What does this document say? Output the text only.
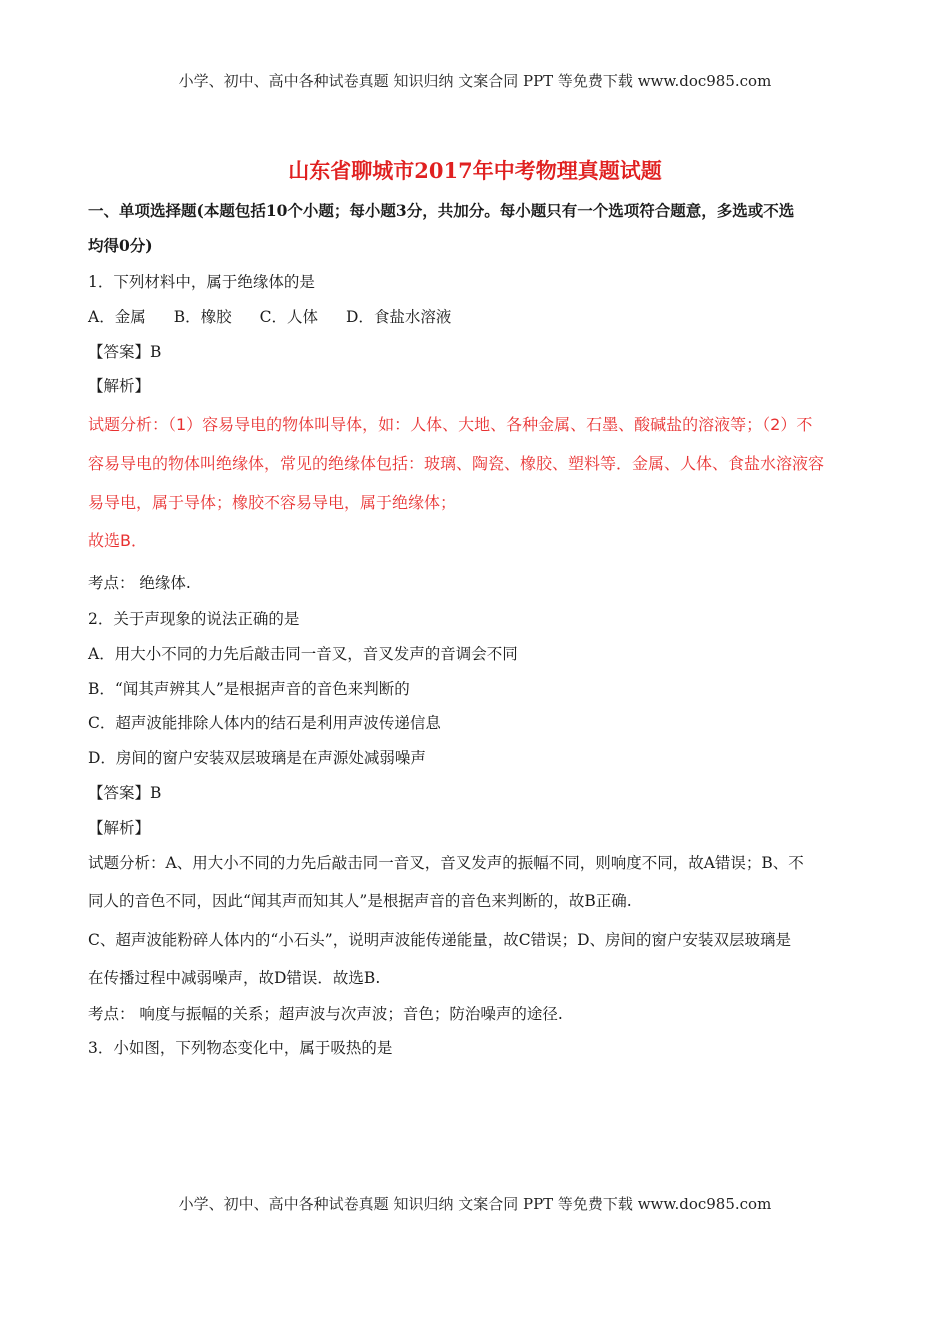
小学、初中、高中各种试卷真题 知识归纳 文案合同 PPT 等免费下载 www.doc985.com
山东省聊城市2017年中考物理真题试题
一、单项选择题(本题包括10个小题；每小题3分，共加分。每小题只有一个选项符合题意，多选或不选
均得0分)
1．下列材料中，属于绝缘体的是
A．金属 B．橡胶 C．人体 D．食盐水溶液
【答案】B
【解析】
试题分析：（1）容易导电的物体叫导体，如：人体、大地、各种金属、石墨、酸碱盐的溶液等；（2）不
容易导电的物体叫绝缘体，常见的绝缘体包括：玻璃、陶瓷、橡胶、塑料等．金属、人体、食盐水溶液容
易导电，属于导体；橡胶不容易导电，属于绝缘体；
故选B．
考点： 绝缘体.
2．关于声现象的说法正确的是
A．用大小不同的力先后敲击同一音叉，音叉发声的音调会不同
B．“闻其声辨其人”是根据声音的音色来判断的
C．超声波能排除人体内的结石是利用声波传递信息
D．房间的窗户安装双层玻璃是在声源处减弱噪声
【答案】B
【解析】
试题分析：A、用大小不同的力先后敲击同一音叉，音叉发声的振幅不同，则响度不同，故A错误；B、不
同人的音色不同，因此“闻其声而知其人”是根据声音的音色来判断的，故B正确.
C、超声波能粉碎人体内的“小石头”，说明声波能传递能量，故C错误；D、房间的窗户安装双层玻璃是
在传播过程中减弱噪声，故D错误．故选B.
考点： 响度与振幅的关系；超声波与次声波；音色；防治噪声的途径.
3．小如图，下列物态变化中，属于吸热的是
小学、初中、高中各种试卷真题 知识归纳 文案合同 PPT 等免费下载 www.doc985.com
